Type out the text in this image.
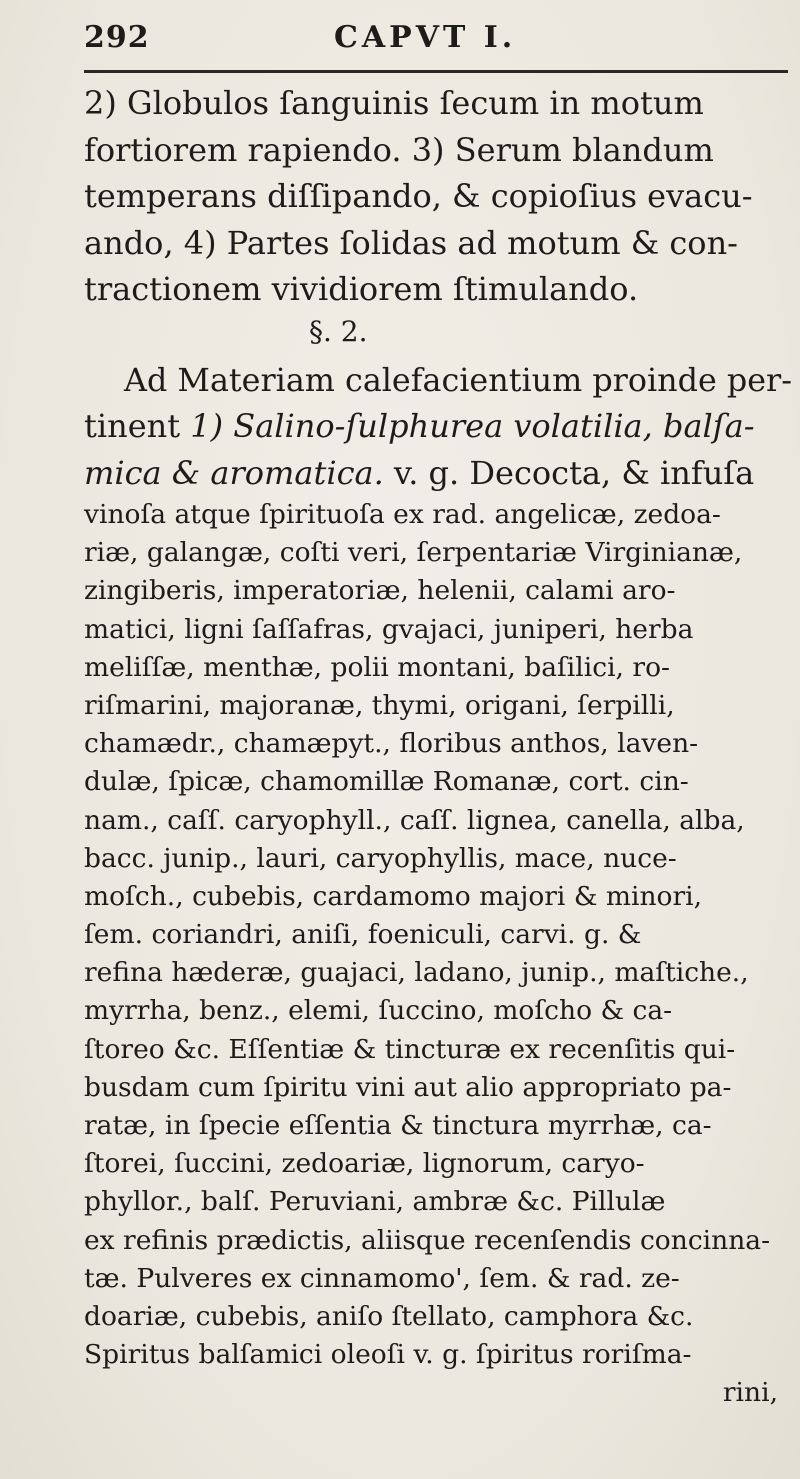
292	CAPVT I.
2) Globulos ſanguinis ſecum in motum
fortiorem rapiendo. 3) Serum blandum
temperans diſſipando, & copioſius evacu-
ando, 4) Partes ſolidas ad motum & con-
tractionem vividiorem ſtimulando.
§. 2.
Ad Materiam calefacientium proinde per-
tinent 1) Salino-ſulphurea volatilia, balſa-
mica & aromatica. v. g. Decocta, & infuſa
vinoſa atque ſpirituoſa ex rad. angelicæ, zedoa-
riæ, galangæ, coſti veri, ſerpentariæ Virginianæ,
zingiberis, imperatoriæ, helenii, calami aro-
matici, ligni ſaſſafras, gvajaci, juniperi, herba
meliſſæ, menthæ, polii montani, baſilici, ro-
riſmarini, majoranæ, thymi, origani, ſerpilli,
chamædr., chamæpyt., floribus anthos, laven-
dulæ, ſpicæ, chamomillæ Romanæ, cort. cin-
nam., caſſ. caryophyll., caſſ. lignea, canella, alba,
bacc. junip., lauri, caryophyllis, mace, nuce-
moſch., cubebis, cardamomo majori & minori,
ſem. coriandri, aniſi, foeniculi, carvi. g. &
refina hæderæ, guajaci, ladano, junip., maſtiche.,
myrrha, benz., elemi, ſuccino, moſcho & ca-
ſtoreo &c. Eſſentiæ & tincturæ ex recenſitis qui-
busdam cum ſpiritu vini aut alio appropriato pa-
ratæ, in ſpecie eſſentia & tinctura myrrhæ, ca-
ſtorei, ſuccini, zedoariæ, lignorum, caryo-
phyllor., balſ. Peruviani, ambræ &c. Pillulæ
ex refinis prædictis, aliisque recenſendis concinna-
tæ. Pulveres ex cinnamomo', ſem. & rad. ze-
doariæ, cubebis, aniſo ſtellato, camphora &c.
Spiritus balſamici oleoſi v. g. ſpiritus roriſma-
rini,
